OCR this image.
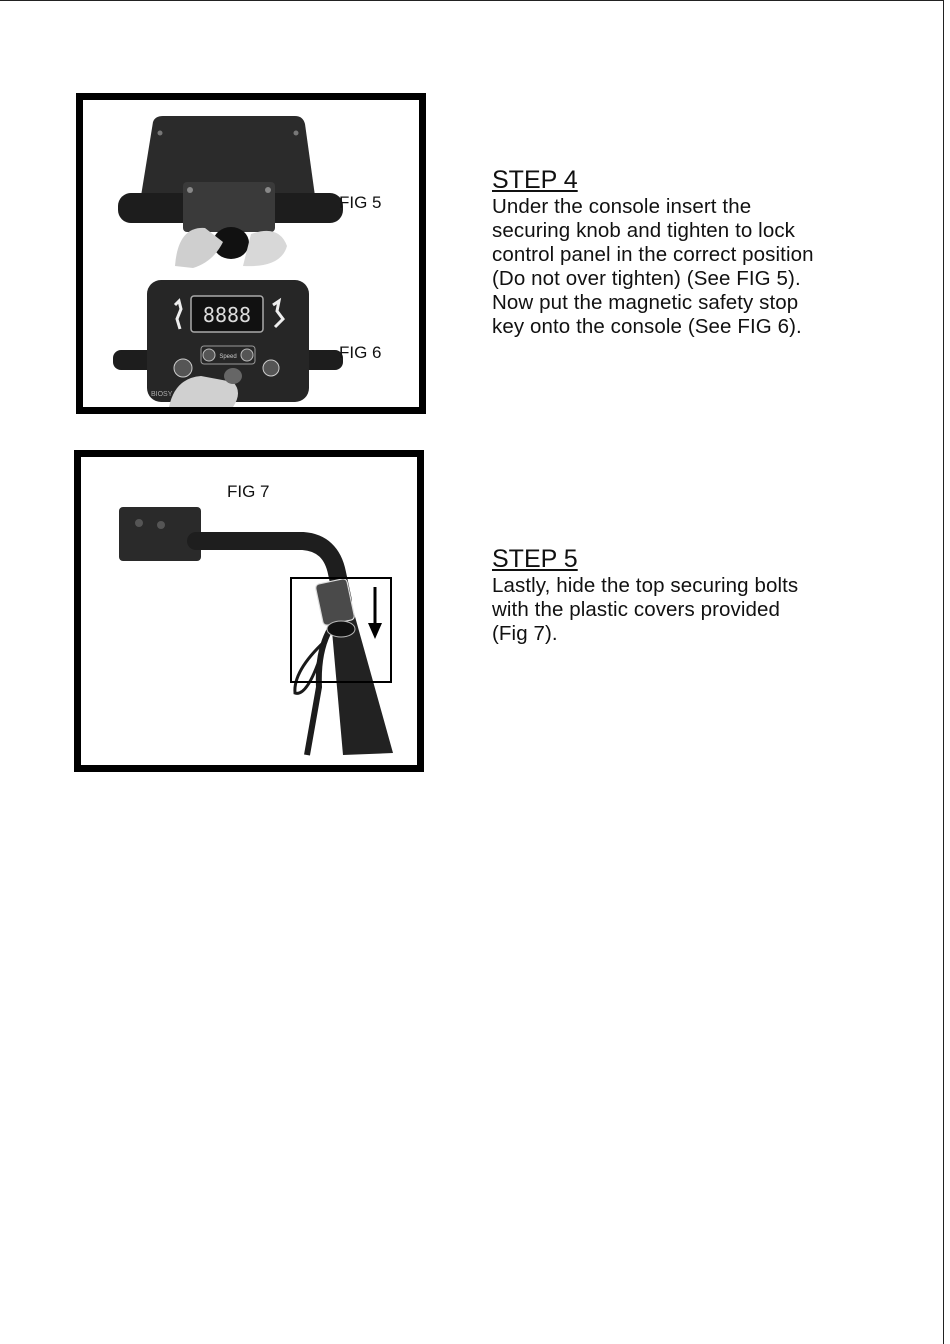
8888
Speed
BIOSY
FIG 5
FIG 6
FIG 7
STEP 4

Under the console insert the

securing knob and tighten to lock

control panel in the correct position

(Do not over tighten) (See FIG 5).

Now put the magnetic safety stop

key onto the console (See FIG 6).

STEP 5

Lastly, hide the top securing bolts

with the plastic covers provided

(Fig 7).
